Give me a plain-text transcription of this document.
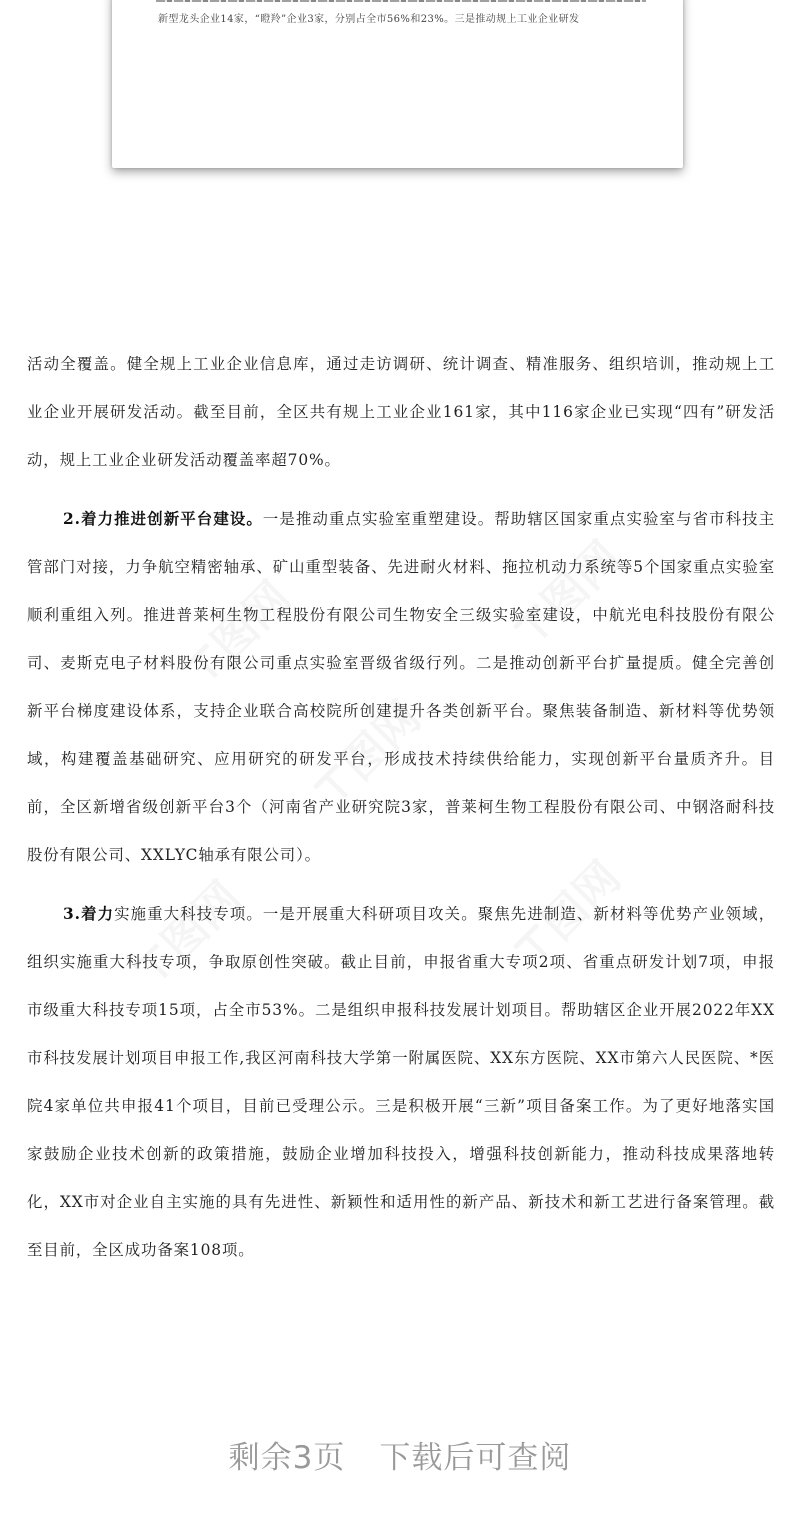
新型龙头企业14家，“瞪羚”企业3家，分别占全市56%和23%。三是推动规上工业企业研发
⊤图网	⊤图网
⊤图网
⊤图网	⊤图网

活动全覆盖。健全规上工业企业信息库，通过走访调研、统计调查、精准服务、组织培训，推动规上工业企业开展研发活动。截至目前，全区共有规上工业企业161家，其中116家企业已实现“四有”研发活动，规上工业企业研发活动覆盖率超70%。

2.着力推进创新平台建设。一是推动重点实验室重塑建设。帮助辖区国家重点实验室与省市科技主管部门对接，力争航空精密轴承、矿山重型装备、先进耐火材料、拖拉机动力系统等5个国家重点实验室顺利重组入列。推进普莱柯生物工程股份有限公司生物安全三级实验室建设，中航光电科技股份有限公司、麦斯克电子材料股份有限公司重点实验室晋级省级行列。二是推动创新平台扩量提质。健全完善创新平台梯度建设体系，支持企业联合高校院所创建提升各类创新平台。聚焦装备制造、新材料等优势领域，构建覆盖基础研究、应用研究的研发平台，形成技术持续供给能力，实现创新平台量质齐升。目前，全区新增省级创新平台3个（河南省产业研究院3家，普莱柯生物工程股份有限公司、中钢洛耐科技股份有限公司、XXLYC轴承有限公司）。

3.着力实施重大科技专项。一是开展重大科研项目攻关。聚焦先进制造、新材料等优势产业领域，组织实施重大科技专项，争取原创性突破。截止目前，申报省重大专项2项、省重点研发计划7项，申报市级重大科技专项15项，占全市53%。二是组织申报科技发展计划项目。帮助辖区企业开展2022年XX市科技发展计划项目申报工作,我区河南科技大学第一附属医院、XX东方医院、XX市第六人民医院、*医院4家单位共申报41个项目，目前已受理公示。三是积极开展“三新”项目备案工作。为了更好地落实国家鼓励企业技术创新的政策措施，鼓励企业增加科技投入，增强科技创新能力，推动科技成果落地转化，XX市对企业自主实施的具有先进性、新颖性和适用性的新产品、新技术和新工艺进行备案管理。截至目前，全区成功备案108项。

剩余3页 下载后可查阅
